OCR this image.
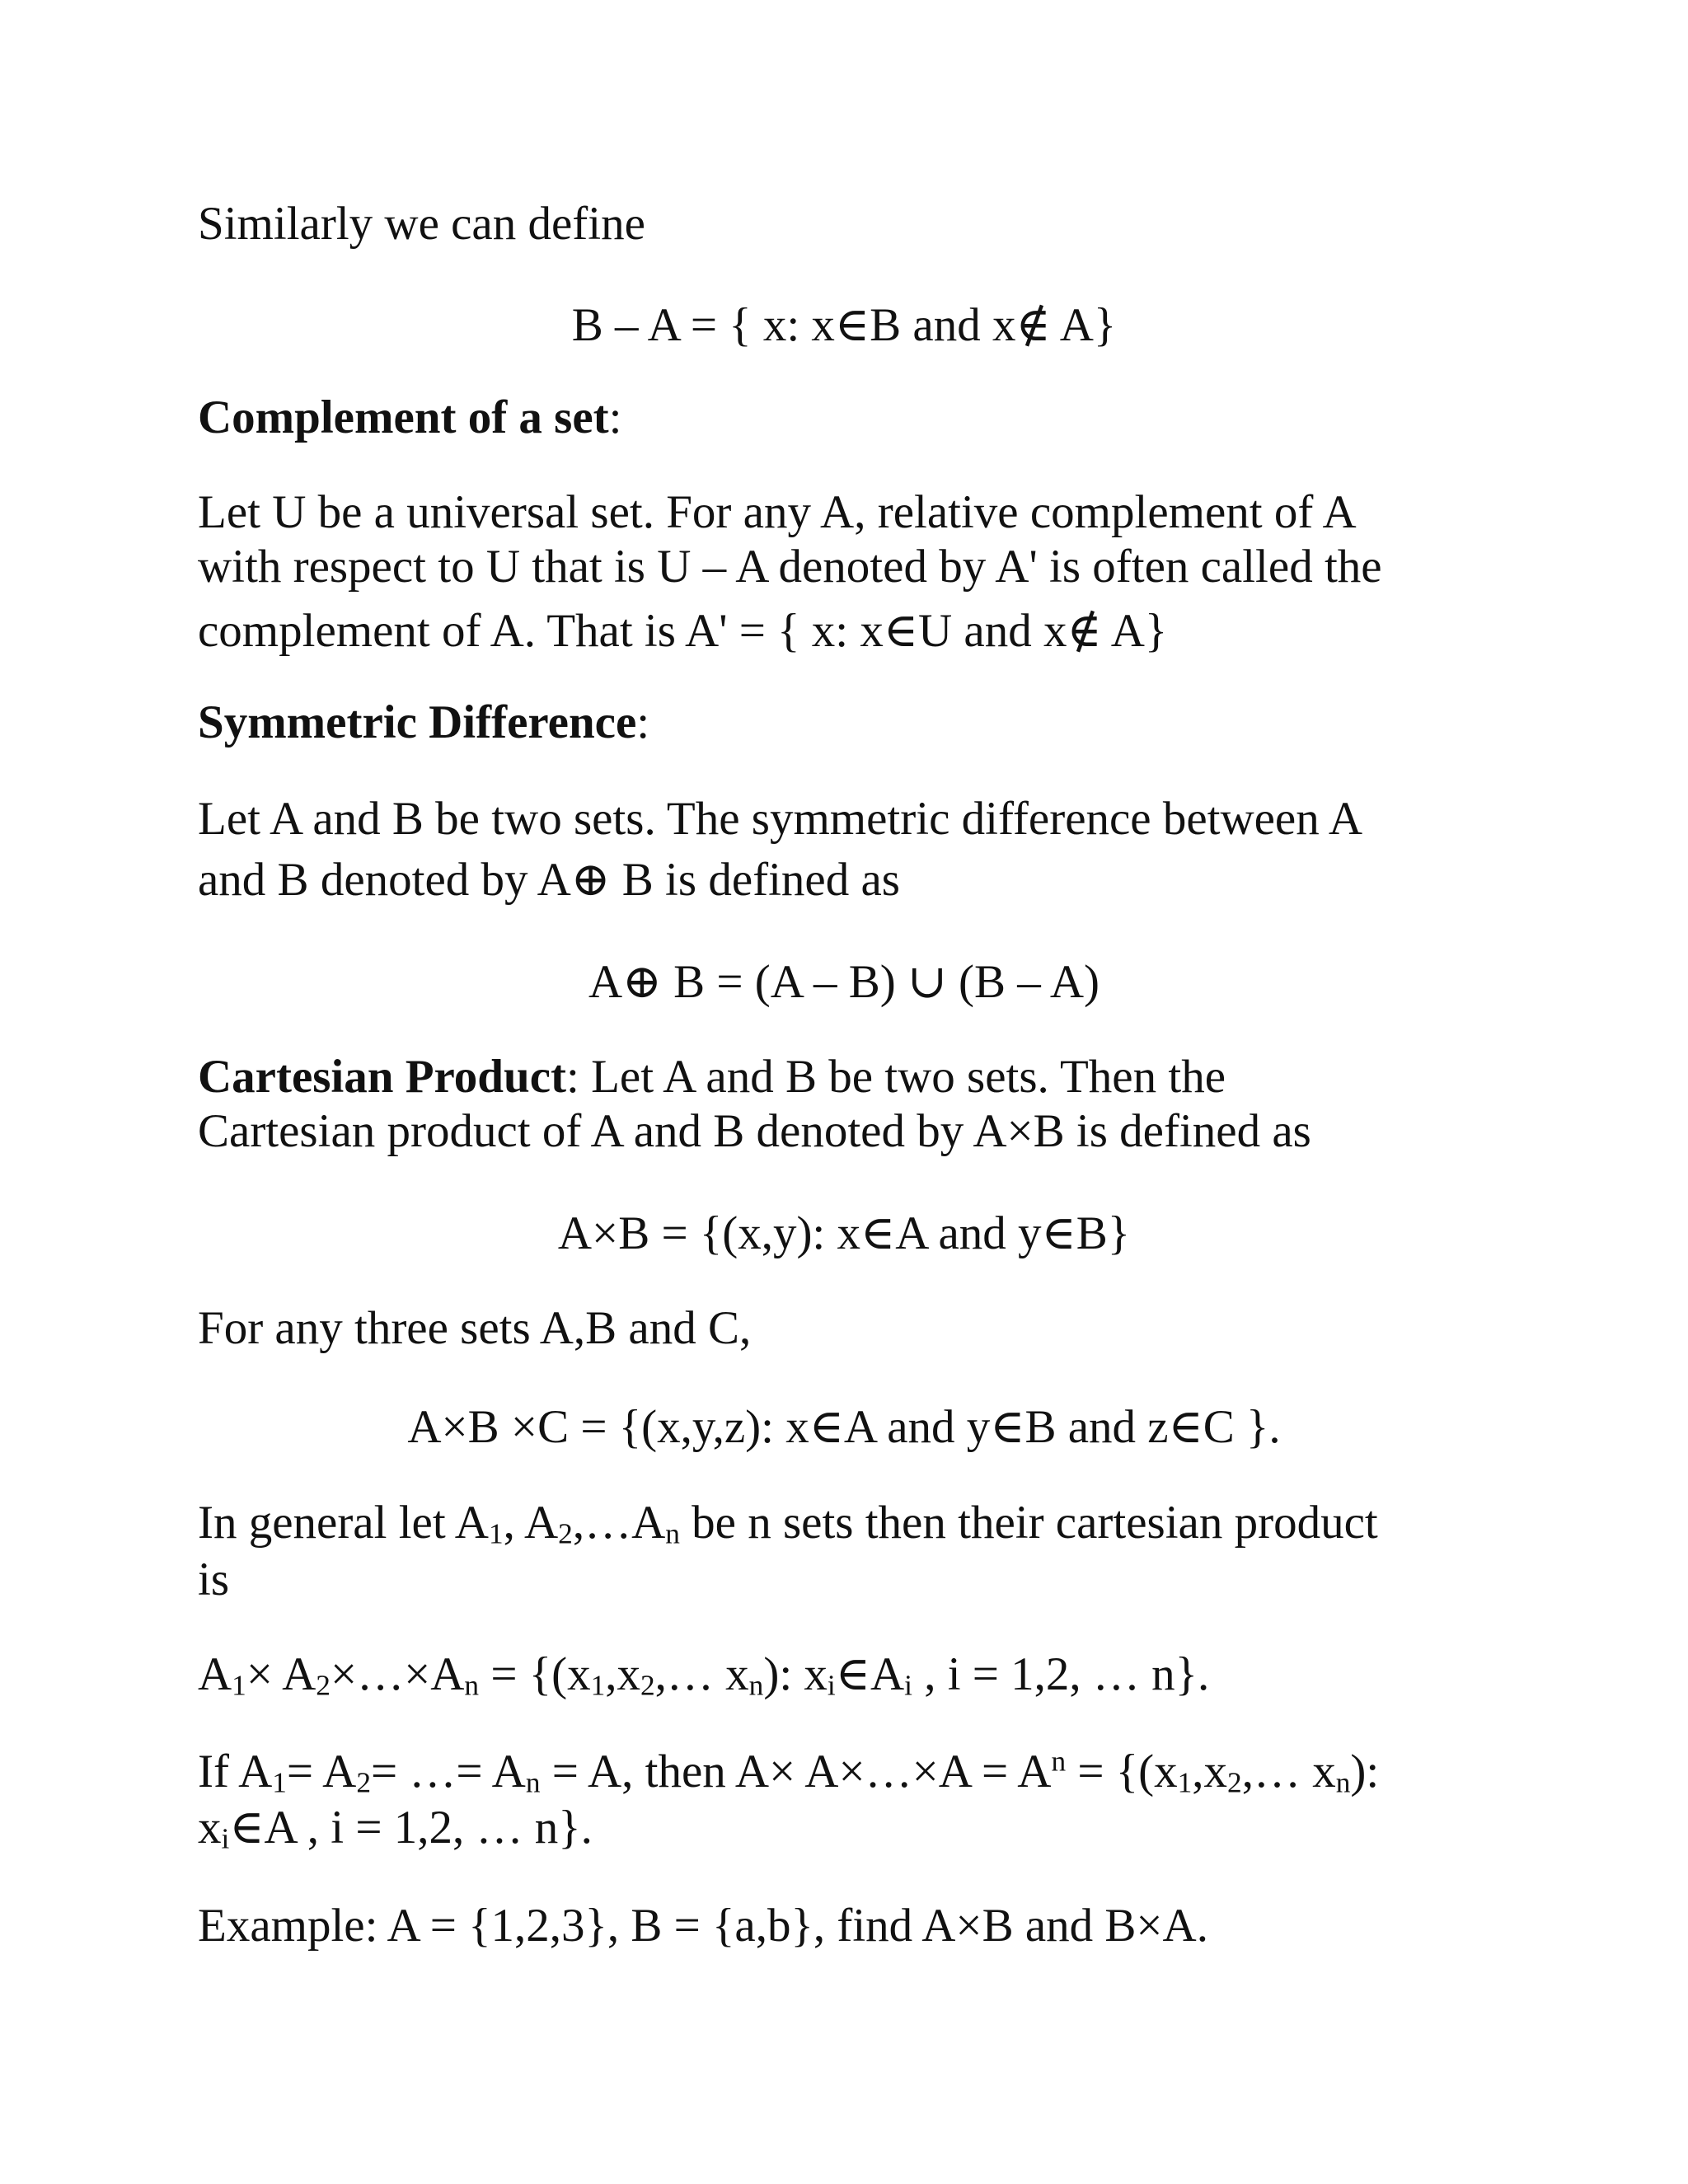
Similarly we can define
B – A = { x: x∈B and x∉ A}
Complement of a set:
Let U be a universal set. For any A, relative complement of A
with respect to U that is U – A denoted by A' is often called the
complement of A. That is A' = { x: x∈U and x∉ A}
Symmetric Difference:
Let A and B be two sets. The symmetric difference between A
and B denoted by A⊕ B is defined as
A⊕ B = (A – B) ∪ (B – A)
Cartesian Product: Let A and B be two sets. Then the
Cartesian product of A and B denoted by A×B is defined as
A×B = {(x,y): x∈A and y∈B}
For any three sets A,B and C,
A×B ×C = {(x,y,z): x∈A and y∈B and z∈C }.
In general let $A_1$, $A_2,\dots A_n$ be n sets then their cartesian product
is
$A_1\times$ $A_2\times\dots\times A_n$ = {($x_1,x_2,\dots$ $x_n$): $x_i\in A_i$ , i = 1,2, … n}.
If $A_1= A_2=$ …= $A_n = A$, then A× A×…×A = $A^n$ = {($x_1,x_2,\dots$ $x_n$):
$x_i\in A$ , i = 1,2, … n}.
Example: A = {1,2,3}, B = {a,b}, find A×B and B×A.
